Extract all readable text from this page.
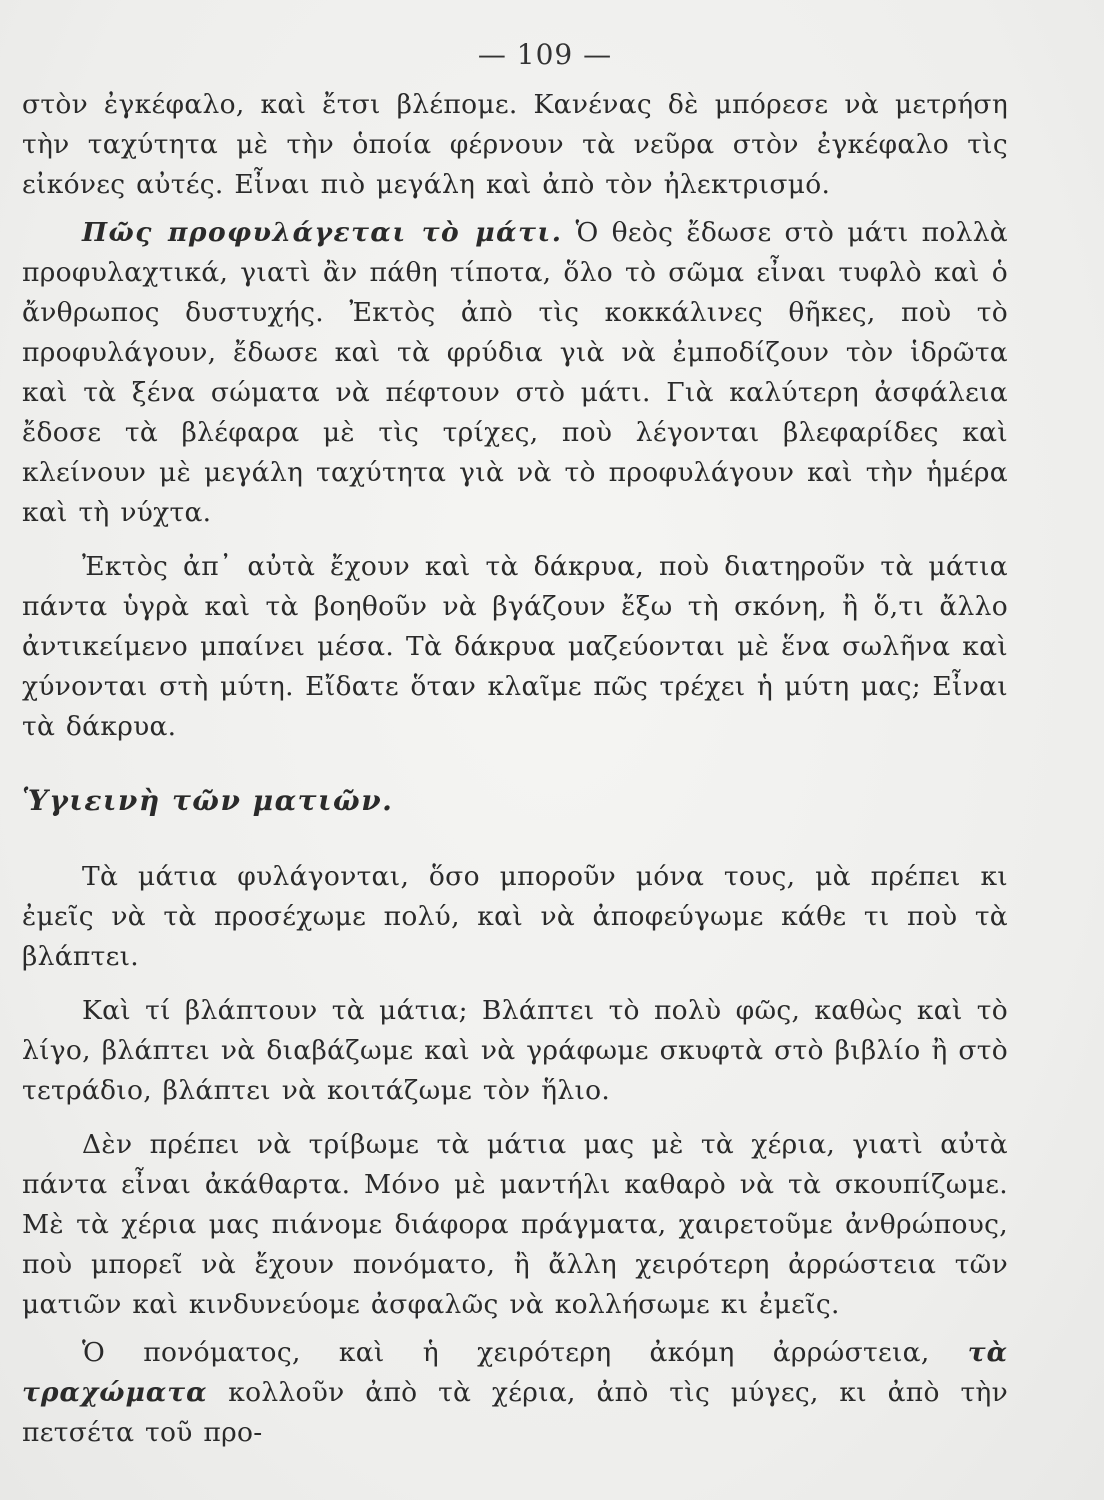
— 109 —

στὸν ἐγκέφαλο, καὶ ἔτσι βλέπομε. Κανένας δὲ μπόρεσε νὰ μετρήση τὴν ταχύτητα μὲ τὴν ὁποία φέρνουν τὰ νεῦρα στὸν ἐγκέφαλο τὶς εἰκόνες αὐτές. Εἶναι πιὸ μεγάλη καὶ ἀπὸ τὸν ἠλεκτρισμό.

Πῶς προφυλάγεται τὸ μάτι. Ὁ θεὸς ἔδωσε στὸ μάτι πολλὰ προφυλαχτικά, γιατὶ ἂν πάθη τίποτα, ὅλο τὸ σῶμα εἶναι τυφλὸ καὶ ὁ ἄνθρωπος δυστυχής. Ἐκτὸς ἀπὸ τὶς κοκκάλινες θῆκες, ποὺ τὸ προφυλάγουν, ἔδωσε καὶ τὰ φρύδια γιὰ νὰ ἐμποδίζουν τὸν ἱδρῶτα καὶ τὰ ξένα σώματα νὰ πέφτουν στὸ μάτι. Γιὰ καλύτερη ἀσφάλεια ἔδοσε τὰ βλέφαρα μὲ τὶς τρίχες, ποὺ λέγονται βλεφαρίδες καὶ κλείνουν μὲ μεγάλη ταχύτητα γιὰ νὰ τὸ προφυλάγουν καὶ τὴν ἡμέρα καὶ τὴ νύχτα.

Ἐκτὸς ἀπ᾽ αὐτὰ ἔχουν καὶ τὰ δάκρυα, ποὺ διατηροῦν τὰ μάτια πάντα ὑγρὰ καὶ τὰ βοηθοῦν νὰ βγάζουν ἔξω τὴ σκόνη, ἢ ὅ,τι ἄλλο ἀντικείμενο μπαίνει μέσα. Τὰ δάκρυα μαζεύονται μὲ ἕνα σωλῆνα καὶ χύνονται στὴ μύτη. Εἴδατε ὅταν κλαῖμε πῶς τρέχει ἡ μύτη μας; Εἶναι τὰ δάκρυα.

Ὑγιεινὴ τῶν ματιῶν.

Τὰ μάτια φυλάγονται, ὅσο μποροῦν μόνα τους, μὰ πρέπει κι ἐμεῖς νὰ τὰ προσέχωμε πολύ, καὶ νὰ ἀποφεύγωμε κάθε τι ποὺ τὰ βλάπτει.

Καὶ τί βλάπτουν τὰ μάτια; Βλάπτει τὸ πολὺ φῶς, καθὼς καὶ τὸ λίγο, βλάπτει νὰ διαβάζωμε καὶ νὰ γράφωμε σκυφτὰ στὸ βιβλίο ἢ στὸ τετράδιο, βλάπτει νὰ κοιτάζωμε τὸν ἥλιο.

Δὲν πρέπει νὰ τρίβωμε τὰ μάτια μας μὲ τὰ χέρια, γιατὶ αὐτὰ πάντα εἶναι ἀκάθαρτα. Μόνο μὲ μαντήλι καθαρὸ νὰ τὰ σκουπίζωμε. Μὲ τὰ χέρια μας πιάνομε διάφορα πράγματα, χαιρετοῦμε ἀνθρώπους, ποὺ μπορεῖ νὰ ἔχουν πονόματο, ἢ ἄλλη χειρότερη ἀρρώστεια τῶν ματιῶν καὶ κινδυνεύομε ἀσφαλῶς νὰ κολλήσωμε κι ἐμεῖς.

Ὁ πονόματος, καὶ ἡ χειρότερη ἀκόμη ἀρρώστεια, τὰ τραχώματα κολλοῦν ἀπὸ τὰ χέρια, ἀπὸ τὶς μύγες, κι ἀπὸ τὴν πετσέτα τοῦ προ-
